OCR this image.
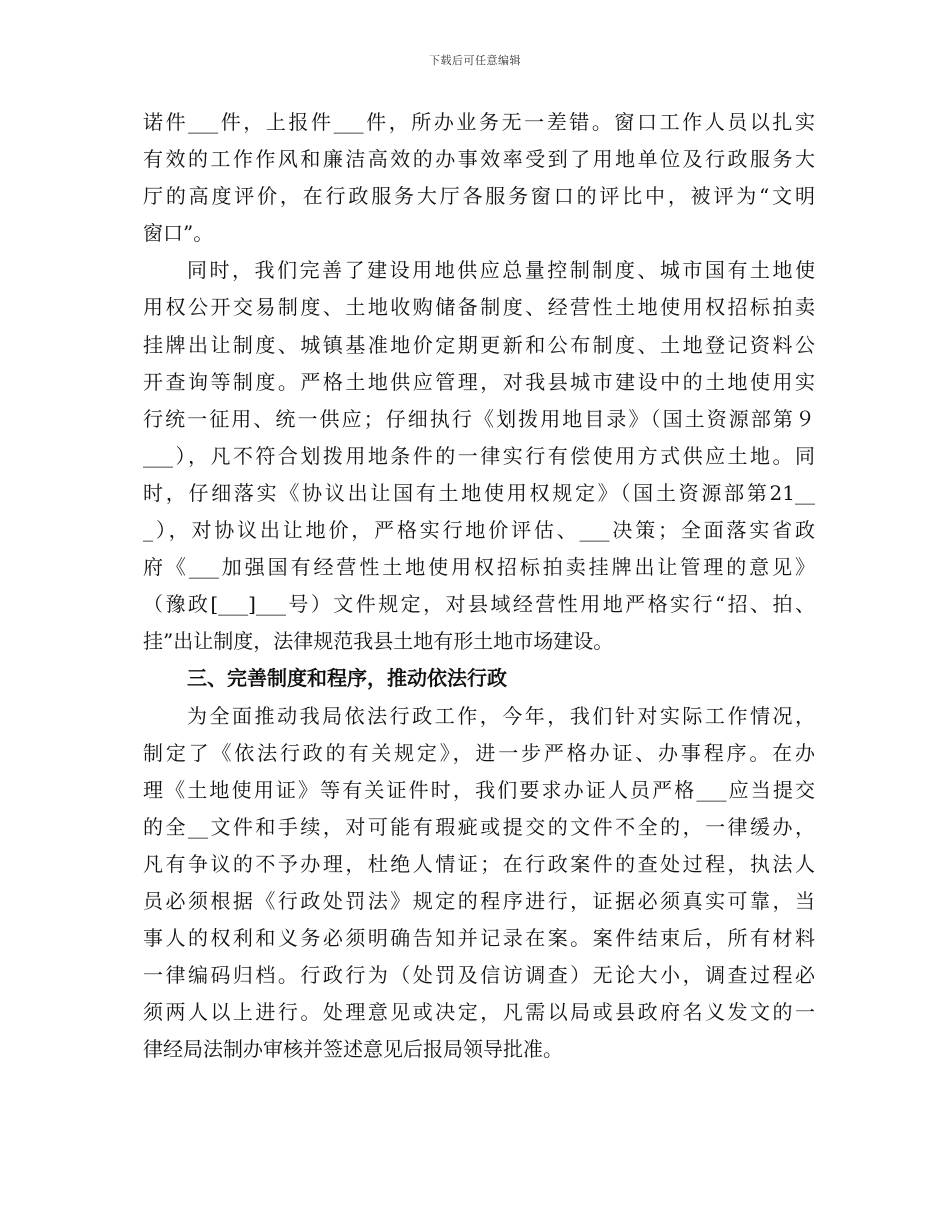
下载后可任意编辑
诺件___件，上报件___件，所办业务无一差错。窗口工作人员以扎实
有效的工作作风和廉洁高效的办事效率受到了用地单位及行政服务大
厅的高度评价，在行政服务大厅各服务窗口的评比中，被评为“文明
窗口”。
同时，我们完善了建设用地供应总量控制制度、城市国有土地使
用权公开交易制度、土地收购储备制度、经营性土地使用权招标拍卖
挂牌出让制度、城镇基准地价定期更新和公布制度、土地登记资料公
开查询等制度。严格土地供应管理，对我县城市建设中的土地使用实
行统一征用、统一供应；仔细执行《划拨用地目录》（国土资源部第９
___），凡不符合划拨用地条件的一律实行有偿使用方式供应土地。同
时，仔细落实《协议出让国有土地使用权规定》（国土资源部第21__
_），对协议出让地价，严格实行地价评估、___决策；全面落实省政
府《___加强国有经营性土地使用权招标拍卖挂牌出让管理的意见》
（豫政[___]___号）文件规定，对县域经营性用地严格实行“招、拍、
挂”出让制度，法律规范我县土地有形土地市场建设。
三、完善制度和程序，推动依法行政
为全面推动我局依法行政工作，今年，我们针对实际工作情况，
制定了《依法行政的有关规定》，进一步严格办证、办事程序。在办
理《土地使用证》等有关证件时，我们要求办证人员严格___应当提交
的全__文件和手续，对可能有瑕疵或提交的文件不全的，一律缓办，
凡有争议的不予办理，杜绝人情证；在行政案件的查处过程，执法人
员必须根据《行政处罚法》规定的程序进行，证据必须真实可靠，当
事人的权利和义务必须明确告知并记录在案。案件结束后，所有材料
一律编码归档。行政行为（处罚及信访调查）无论大小，调查过程必
须两人以上进行。处理意见或决定，凡需以局或县政府名义发文的一
律经局法制办审核并签述意见后报局领导批准。
